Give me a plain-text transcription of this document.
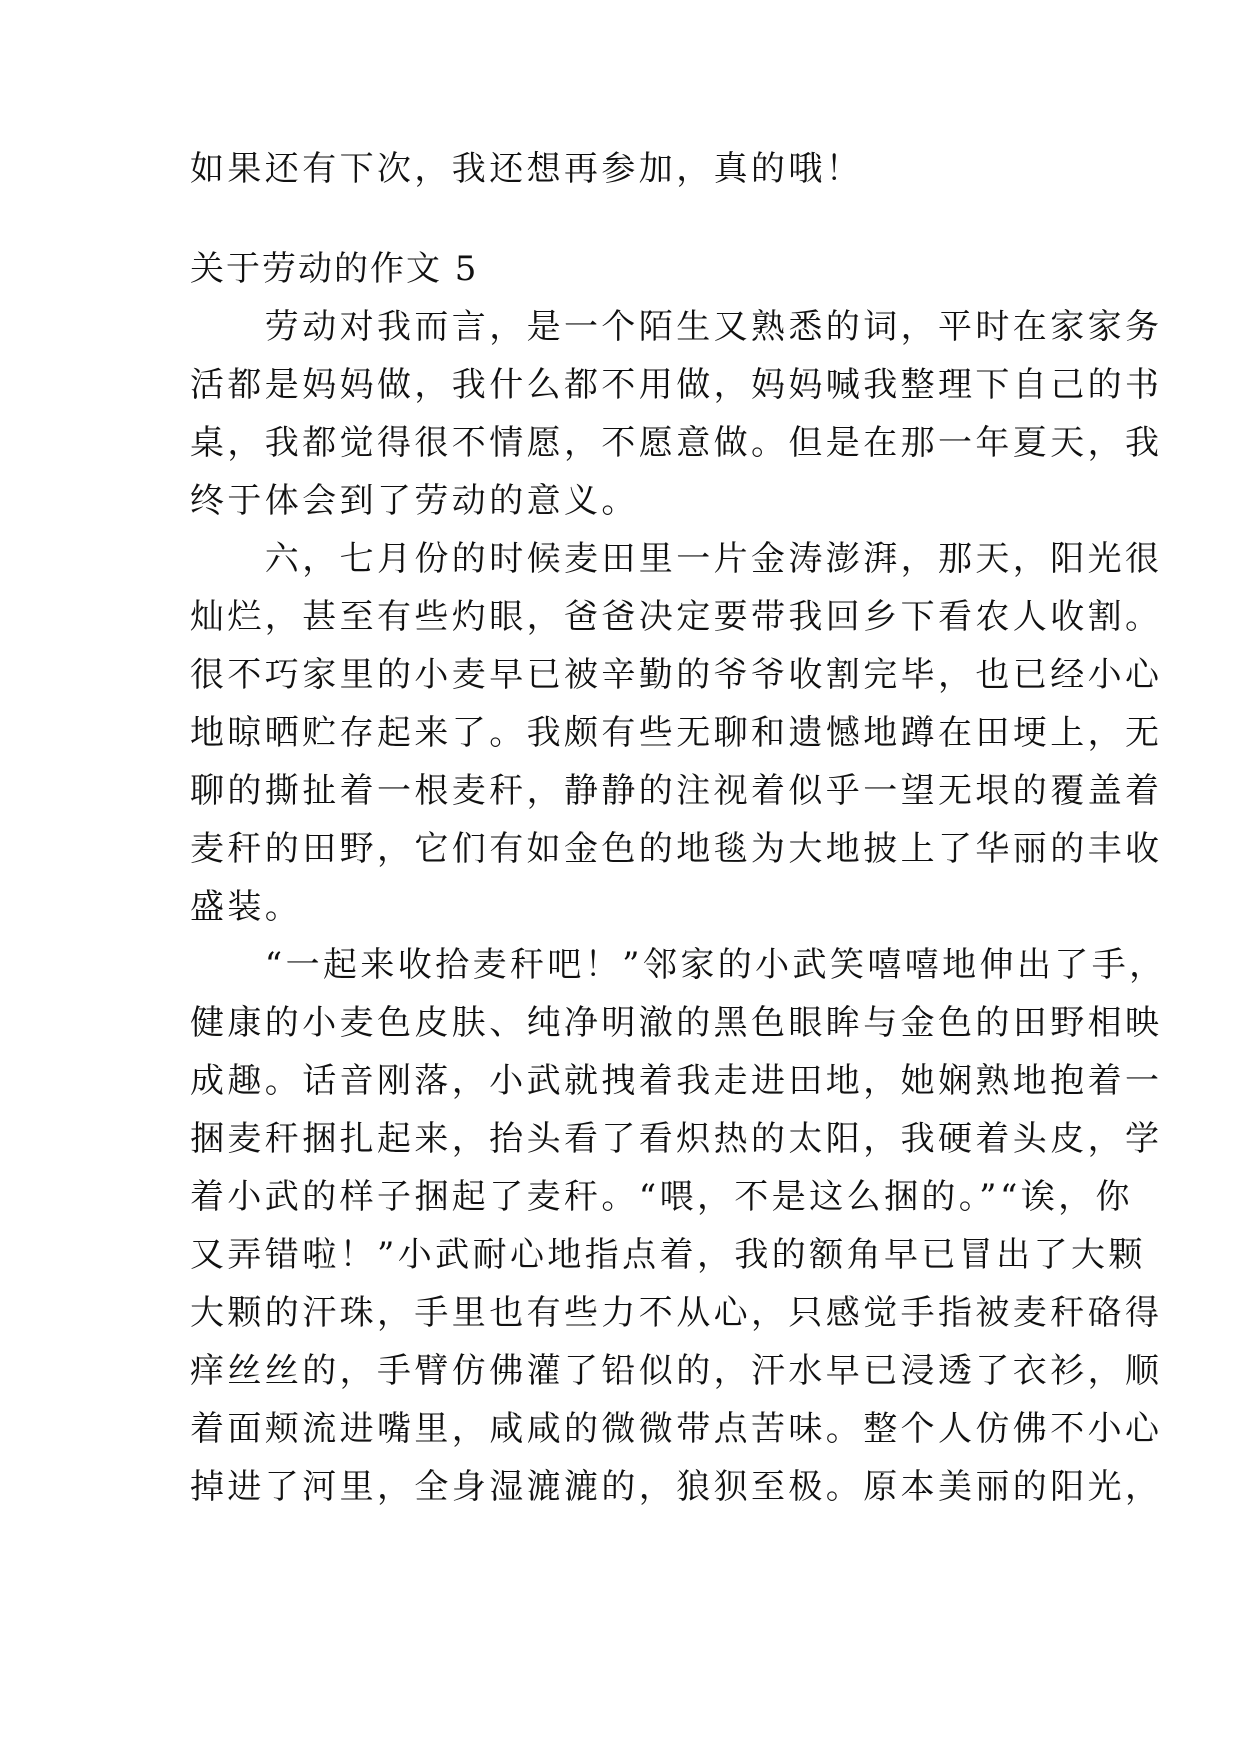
如果还有下次，我还想再参加，真的哦！
关于劳动的作文 5
　　劳动对我而言，是一个陌生又熟悉的词，平时在家家务
活都是妈妈做，我什么都不用做，妈妈喊我整理下自己的书
桌，我都觉得很不情愿，不愿意做。但是在那一年夏天，我
终于体会到了劳动的意义。
　　六，七月份的时候麦田里一片金涛澎湃，那天，阳光很
灿烂，甚至有些灼眼，爸爸决定要带我回乡下看农人收割。
很不巧家里的小麦早已被辛勤的爷爷收割完毕，也已经小心
地晾晒贮存起来了。我颇有些无聊和遗憾地蹲在田埂上，无
聊的撕扯着一根麦秆，静静的注视着似乎一望无垠的覆盖着
麦秆的田野，它们有如金色的地毯为大地披上了华丽的丰收
盛装。
　　“一起来收拾麦秆吧！”邻家的小武笑嘻嘻地伸出了手，
健康的小麦色皮肤、纯净明澈的黑色眼眸与金色的田野相映
成趣。话音刚落，小武就拽着我走进田地，她娴熟地抱着一
捆麦秆捆扎起来，抬头看了看炽热的太阳，我硬着头皮，学
着小武的样子捆起了麦秆。“喂，不是这么捆的。”“诶，你
又弄错啦！”小武耐心地指点着，我的额角早已冒出了大颗
大颗的汗珠，手里也有些力不从心，只感觉手指被麦秆硌得
痒丝丝的，手臂仿佛灌了铅似的，汗水早已浸透了衣衫，顺
着面颊流进嘴里，咸咸的微微带点苦味。整个人仿佛不小心
掉进了河里，全身湿漉漉的，狼狈至极。原本美丽的阳光，
